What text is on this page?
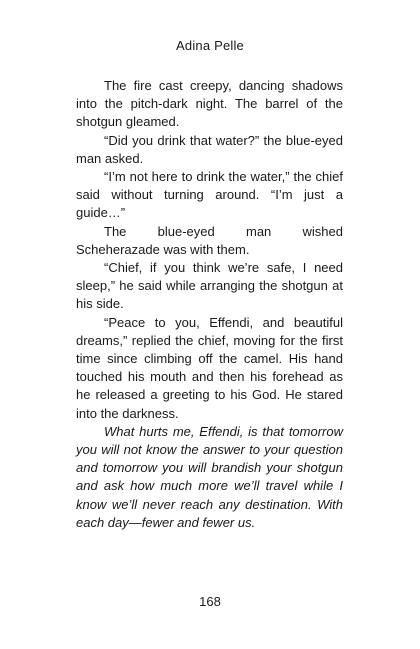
Adina Pelle

The fire cast creepy, dancing shadows into the pitch-dark night. The barrel of the shotgun gleamed.

“Did you drink that water?” the blue-eyed man asked.

“I’m not here to drink the water,” the chief said without turning around. “I’m just a guide…”

The blue-eyed man wished Scheherazade was with them.

“Chief, if you think we’re safe, I need sleep,” he said while arranging the shotgun at his side.

“Peace to you, Effendi, and beautiful dreams,” replied the chief, moving for the first time since climbing off the camel. His hand touched his mouth and then his forehead as he released a greeting to his God. He stared into the darkness.

What hurts me, Effendi, is that tomorrow you will not know the answer to your question and tomorrow you will brandish your shotgun and ask how much more we’ll travel while I know we’ll never reach any destination. With each day—fewer and fewer us.

168
